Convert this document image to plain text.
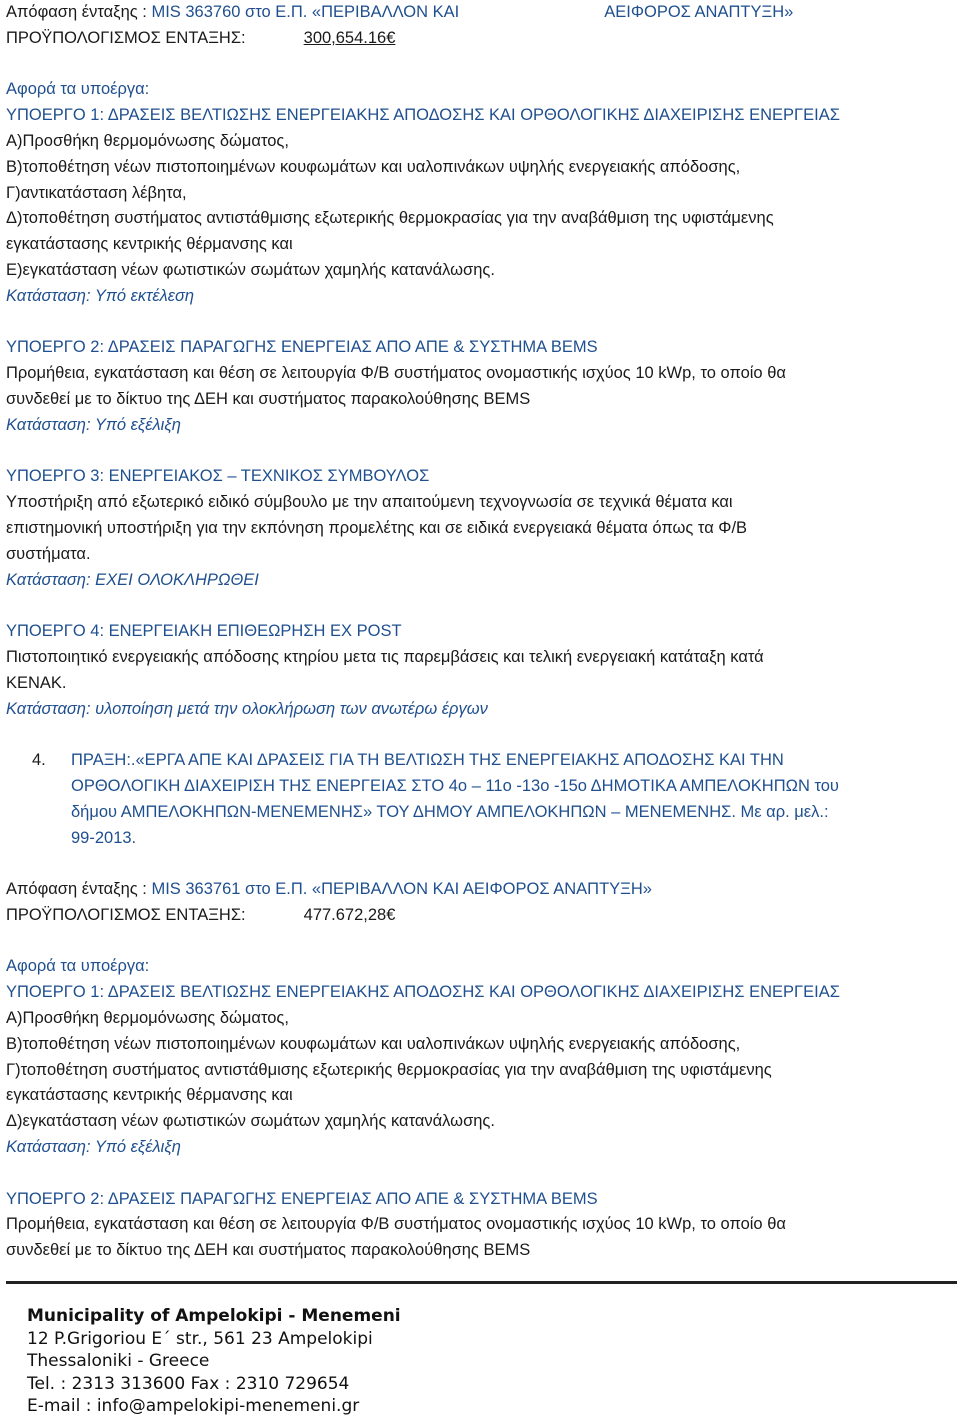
Απόφαση ένταξης : MIS 363760 στο Ε.Π. «ΠΕΡΙΒΑΛΛΟΝ ΚΑΙ	ΑΕΙΦΟΡΟΣ ΑΝΑΠΤΥΞΗ»
ΠΡΟΫΠΟΛΟΓΙΣΜΟΣ ΕΝΤΑΞΗΣ:	300,654.16€
Αφορά τα υποέργα:
ΥΠΟΕΡΓΟ 1: ΔΡΑΣΕΙΣ ΒΕΛΤΙΩΣΗΣ ΕΝΕΡΓΕΙΑΚΗΣ ΑΠΟΔΟΣΗΣ ΚΑΙ ΟΡΘΟΛΟΓΙΚΗΣ ΔΙΑΧΕΙΡΙΣΗΣ ΕΝΕΡΓΕΙΑΣ
Α)Προσθήκη θερμομόνωσης δώματος,
Β)τοποθέτηση νέων πιστοποιημένων κουφωμάτων και υαλοπινάκων υψηλής ενεργειακής απόδοσης,
Γ)αντικατάσταση λέβητα,
Δ)τοποθέτηση συστήματος αντιστάθμισης εξωτερικής θερμοκρασίας για την αναβάθμιση της υφιστάμενης
εγκατάστασης κεντρικής θέρμανσης και
Ε)εγκατάσταση νέων φωτιστικών σωμάτων χαμηλής κατανάλωσης.
Κατάσταση: Υπό εκτέλεση
ΥΠΟΕΡΓΟ 2: ΔΡΑΣΕΙΣ ΠΑΡΑΓΩΓΗΣ ΕΝΕΡΓΕΙΑΣ ΑΠΟ ΑΠΕ & ΣΥΣΤΗΜΑ BEMS
Προμήθεια, εγκατάσταση και θέση σε λειτουργία Φ/Β συστήματος ονομαστικής ισχύος 10 kWp, το οποίο θα
συνδεθεί με το δίκτυο της ΔΕΗ και συστήματος παρακολούθησης BEMS
Κατάσταση: Υπό εξέλιξη
ΥΠΟΕΡΓΟ 3: ΕΝΕΡΓΕΙΑΚΟΣ – ΤΕΧΝΙΚΟΣ ΣΥΜΒΟΥΛΟΣ
Υποστήριξη από εξωτερικό ειδικό σύμβουλο με την απαιτούμενη τεχνογνωσία σε τεχνικά θέματα και
επιστημονική υποστήριξη για την εκπόνηση προμελέτης και σε ειδικά ενεργειακά θέματα όπως τα Φ/Β
συστήματα.
Κατάσταση: ΕΧΕΙ ΟΛΟΚΛΗΡΩΘΕΙ
ΥΠΟΕΡΓΟ 4: ΕΝΕΡΓΕΙΑΚΗ ΕΠΙΘΕΩΡΗΣΗ EX POST
Πιστοποιητικό ενεργειακής απόδοσης κτηρίου μετα τις παρεμβάσεις και τελική ενεργειακή κατάταξη κατά
ΚΕΝΑΚ.
Κατάσταση: υλοποίηση μετά την ολοκλήρωση των ανωτέρω έργων
4. ΠΡΑΞΗ:.«ΕΡΓΑ ΑΠΕ ΚΑΙ ΔΡΑΣΕΙΣ ΓΙΑ ΤΗ ΒΕΛΤΙΩΣΗ ΤΗΣ ΕΝΕΡΓΕΙΑΚΗΣ ΑΠΟΔΟΣΗΣ ΚΑΙ ΤΗΝ
ΟΡΘΟΛΟΓΙΚΗ ΔΙΑΧΕΙΡΙΣΗ ΤΗΣ ΕΝΕΡΓΕΙΑΣ ΣΤΟ 4ο – 11ο -13ο -15ο ΔΗΜΟΤΙΚΑ ΑΜΠΕΛΟΚΗΠΩΝ του
δήμου ΑΜΠΕΛΟΚΗΠΩΝ-ΜΕΝΕΜΕΝΗΣ» ΤΟΥ ΔΗΜΟΥ ΑΜΠΕΛΟΚΗΠΩΝ – ΜΕΝΕΜΕΝΗΣ. Με αρ. μελ.:
99-2013.
Απόφαση ένταξης : MIS 363761 στο Ε.Π. «ΠΕΡΙΒΑΛΛΟΝ ΚΑΙ ΑΕΙΦΟΡΟΣ ΑΝΑΠΤΥΞΗ»
ΠΡΟΫΠΟΛΟΓΙΣΜΟΣ ΕΝΤΑΞΗΣ:	477.672,28€
Αφορά τα υποέργα:
ΥΠΟΕΡΓΟ 1: ΔΡΑΣΕΙΣ ΒΕΛΤΙΩΣΗΣ ΕΝΕΡΓΕΙΑΚΗΣ ΑΠΟΔΟΣΗΣ ΚΑΙ ΟΡΘΟΛΟΓΙΚΗΣ ΔΙΑΧΕΙΡΙΣΗΣ ΕΝΕΡΓΕΙΑΣ
Α)Προσθήκη θερμομόνωσης δώματος,
Β)τοποθέτηση νέων πιστοποιημένων κουφωμάτων και υαλοπινάκων υψηλής ενεργειακής απόδοσης,
Γ)τοποθέτηση συστήματος αντιστάθμισης εξωτερικής θερμοκρασίας για την αναβάθμιση της υφιστάμενης
εγκατάστασης κεντρικής θέρμανσης και
Δ)εγκατάσταση νέων φωτιστικών σωμάτων χαμηλής κατανάλωσης.
Κατάσταση: Υπό εξέλιξη
ΥΠΟΕΡΓΟ 2: ΔΡΑΣΕΙΣ ΠΑΡΑΓΩΓΗΣ ΕΝΕΡΓΕΙΑΣ ΑΠΟ ΑΠΕ & ΣΥΣΤΗΜΑ BEMS
Προμήθεια, εγκατάσταση και θέση σε λειτουργία Φ/Β συστήματος ονομαστικής ισχύος 10 kWp, το οποίο θα
συνδεθεί με το δίκτυο της ΔΕΗ και συστήματος παρακολούθησης BEMS
Municipality of Ampelokipi - Menemeni
12 P.Grigoriou E΄ str., 561 23 Ampelokipi
Thessaloniki - Greece
Tel. : 2313 313600 Fax : 2310 729654
E-mail : info@ampelokipi-menemeni.gr
